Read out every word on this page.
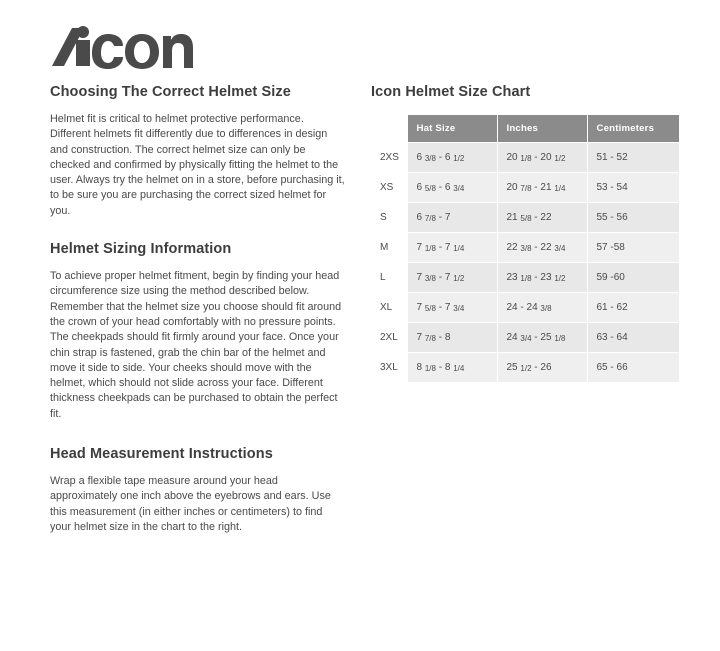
Choosing The Correct Helmet Size

Helmet fit is critical to helmet protective performance. Different helmets fit differently due to differences in design and construction. The correct helmet size can only be checked and confirmed by physically fitting the helmet to the user. Always try the helmet on in a store, before purchasing it, to be sure you are purchasing the correct sized helmet for you.

Helmet Sizing Information

To achieve proper helmet fitment, begin by finding your head circumference size using the method described below. Remember that the helmet size you choose should fit around the crown of your head comfortably with no pressure points. The cheekpads should fit firmly around your face. Once your chin strap is fastened, grab the chin bar of the helmet and move it side to side. Your cheeks should move with the helmet, which should not slide across your face. Different thickness cheekpads can be purchased to obtain the perfect fit.

Head Measurement Instructions

Wrap a flexible tape measure around your head approximately one inch above the eyebrows and ears. Use this measurement (in either inches or centimeters) to find your helmet size in the chart to the right.

Icon Helmet Size Chart
	Hat Size	Inches	Centimeters
2XS	6 3/8 - 6 1/2	20 1/8 - 20 1/2	51 - 52
XS	6 5/8 - 6 3/4	20 7/8 - 21 1/4	53 - 54
S	6 7/8 - 7	21 5/8 - 22	55 - 56
M	7 1/8 - 7 1/4	22 3/8 - 22 3/4	57 -58
L	7 3/8 - 7 1/2	23 1/8 - 23 1/2	59 -60
XL	7 5/8 - 7 3/4	24 - 24 3/8	61 - 62
2XL	7 7/8 - 8	24 3/4 - 25 1/8	63 - 64
3XL	8 1/8 - 8 1/4	25 1/2 - 26	65 - 66
